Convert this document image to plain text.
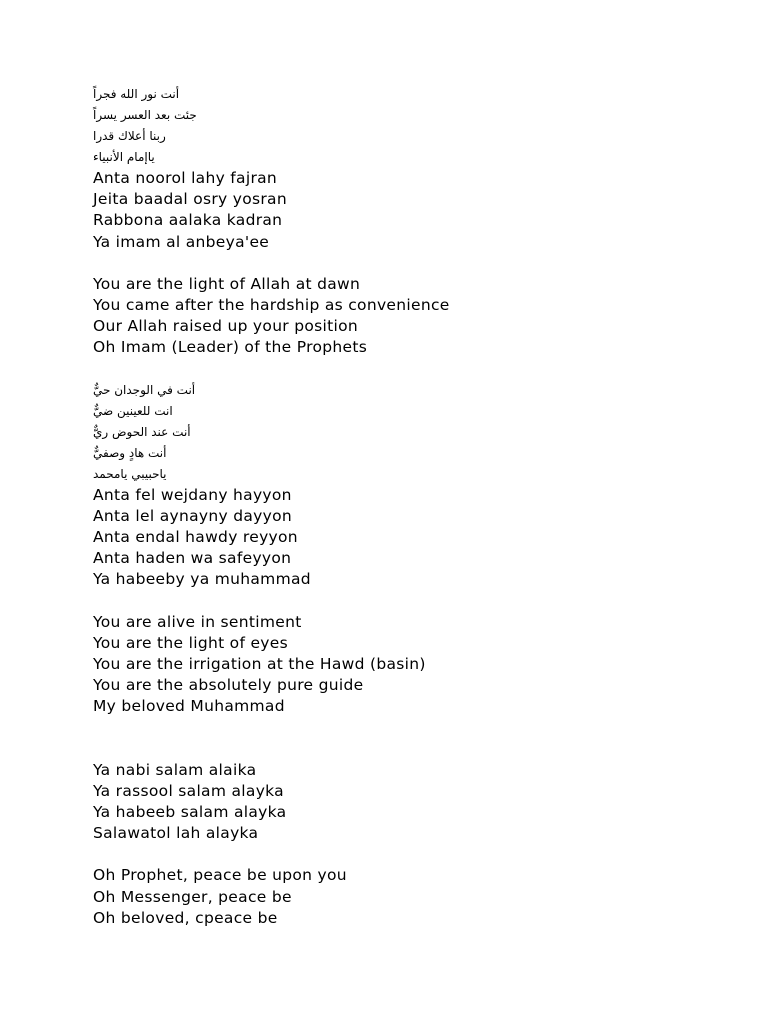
أنت نور الله فجراً
جئت بعد العسر يسراً
ربنا أعلاك قدرا
ياإمام الأنبياء
Anta noorol lahy fajran
Jeita baadal osry yosran
Rabbona aalaka kadran
Ya imam al anbeya'ee
You are the light of Allah at dawn
You came after the hardship as convenience
Our Allah raised up your position
Oh Imam (Leader) of the Prophets
أنت في الوجدان حيٌّ
انت للعينين ضيٌّ
أنت عند الحوض ريٌّ
أنت هادٍ وصفيٌّ
ياحبيبي يامحمد
Anta fel wejdany hayyon
Anta lel aynayny dayyon
Anta endal hawdy reyyon
Anta haden wa safeyyon
Ya habeeby ya muhammad
You are alive in sentiment
You are the light of eyes
You are the irrigation at the Hawd (basin)
You are the absolutely pure guide
My beloved Muhammad
Ya nabi salam alaika
Ya rassool salam alayka
Ya habeeb salam alayka
Salawatol lah alayka
Oh Prophet, peace be upon you
Oh Messenger, peace be
Oh beloved, cpeace be
